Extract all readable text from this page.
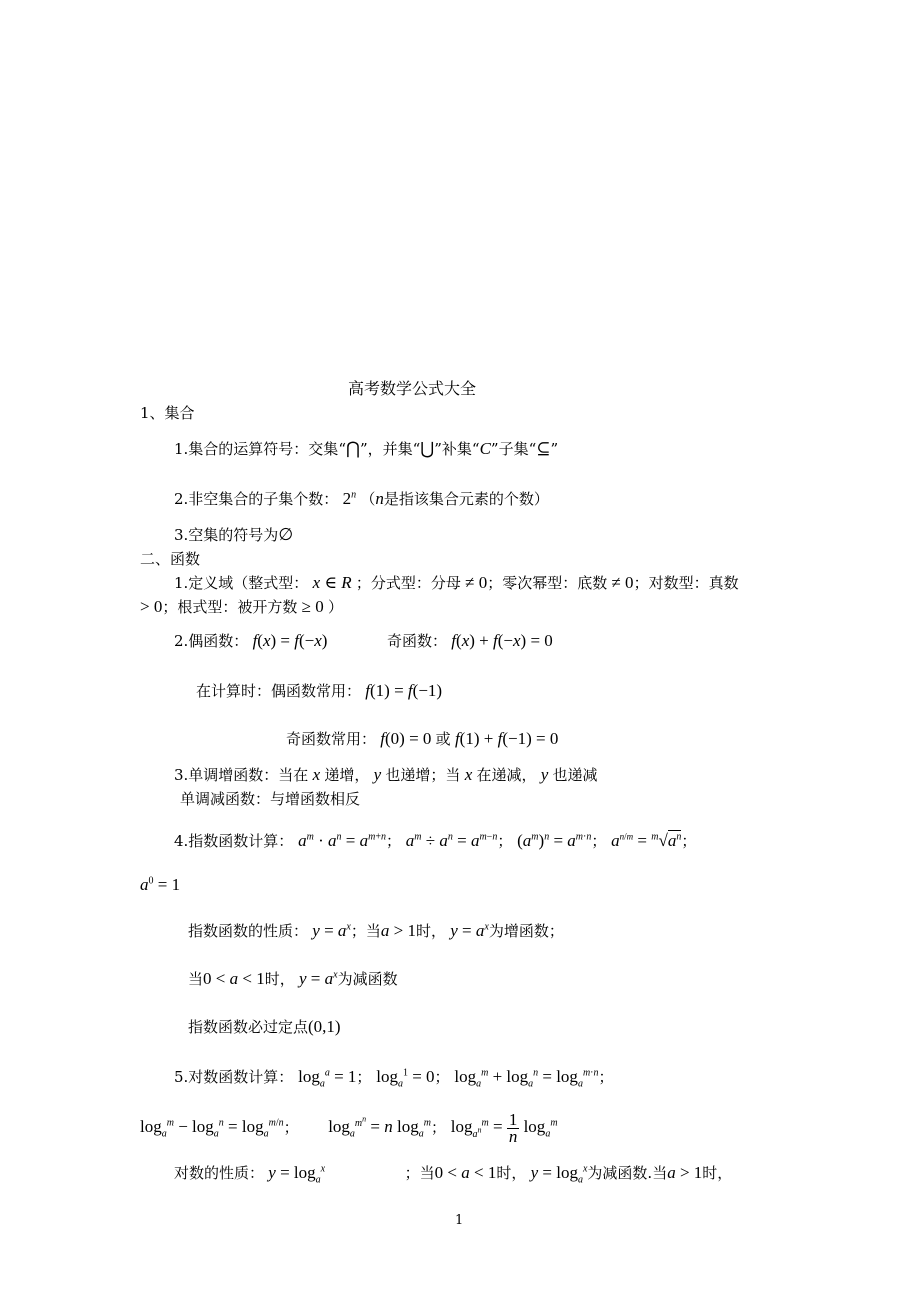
高考数学公式大全
1、集合
1.集合的运算符号：交集“⋂”，并集“⋃”补集“C”子集“⊆”
2.非空集合的子集个数： 2$^n$ （n是指该集合元素的个数）
3.空集的符号为∅
二、函数
1.定义域（整式型： x ∈ R ；分式型：分母 ≠ 0；零次幂型：底数 ≠ 0；对数型：真数
> 0；根式型：被开方数 ≥ 0 ）
2.偶函数： f(x) = f(−x)	奇函数： f(x) + f(−x) = 0
在计算时：偶函数常用： f(1) = f(−1)
奇函数常用： f(0) = 0 或 f(1) + f(−1) = 0
3.单调增函数：当在 x 递增， y 也递增；当 x 在递减， y 也递减
单调减函数：与增函数相反
4.指数函数计算： $a^m \cdot a^n = a^{m+n}$； $a^m \div a^n = a^{m-n}$； $(a^m)^n = a^{m\cdot n}$； $a^{n/m} = ^m√a^n$；
$a^0 = 1$
指数函数的性质： $y = a^x$；当a > 1时， $y = a^x$为增函数；
当0 < a < 1时， $y = a^x$为减函数
指数函数必过定点(0,1)
5.对数函数计算： $\log_a^a = 1$； $\log_a^1 = 0$； $\log_a^m + \log_a^n = \log_a^{m\cdot n}$；
$\log_a^m - \log_a^n = \log_a^{m/n}$； $\log_a^{m^n} = n$ $\log_a^m$； $\log_{a^n}^m = \frac{1}{n} \log_a^m$
对数的性质： $y = \log_a^x$	；当0 < a < 1时， $y = \log_a^x$为减函数.当a > 1时，
1
